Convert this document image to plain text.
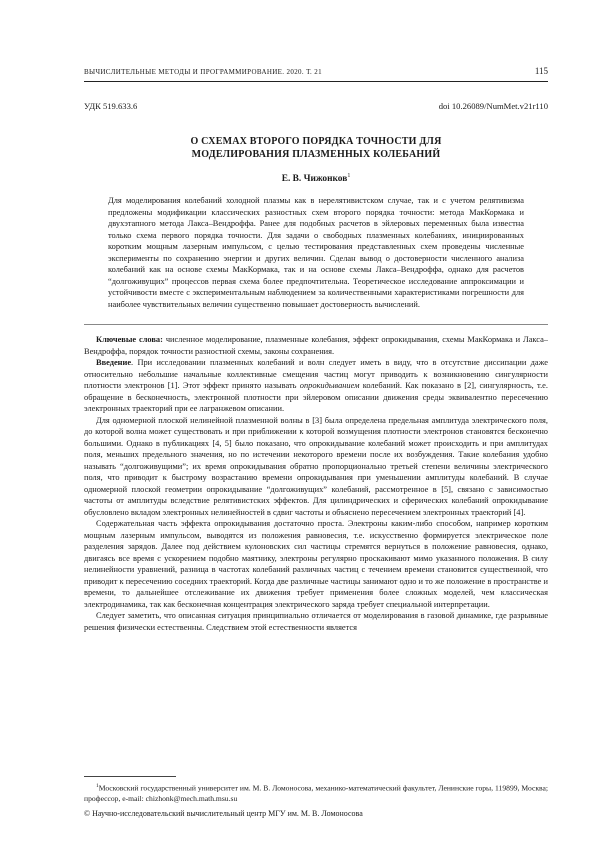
ВЫЧИСЛИТЕЛЬНЫЕ МЕТОДЫ И ПРОГРАММИРОВАНИЕ. 2020. Т. 21	115
УДК 519.633.6	doi 10.26089/NumMet.v21r110
О СХЕМАХ ВТОРОГО ПОРЯДКА ТОЧНОСТИ ДЛЯ
МОДЕЛИРОВАНИЯ ПЛАЗМЕННЫХ КОЛЕБАНИЙ
Е. В. Чижонков$^1$
Для моделирования колебаний холодной плазмы как в нерелятивистском случае, так и с учетом релятивизма предложены модификации классических разностных схем второго порядка точности: метода МакКормака и двухэтапного метода Лакса–Вендроффа. Ранее для подобных расчетов в эйлеровых переменных была известна только схема первого порядка точности. Для задачи о свободных плазменных колебаниях, инициированных коротким мощным лазерным импульсом, с целью тестирования представленных схем проведены численные эксперименты по сохранению энергии и других величин. Сделан вывод о достоверности численного анализа колебаний как на основе схемы МакКормака, так и на основе схемы Лакса–Вендроффа, однако для расчетов “долгоживущих” процессов первая схема более предпочтительна. Теоретическое исследование аппроксимации и устойчивости вместе с экспериментальным наблюдением за количественными характеристиками погрешности для наиболее чувствительных величин существенно повышает достоверность вычислений.

Ключевые слова: численное моделирование, плазменные колебания, эффект опрокидывания, схемы МакКормака и Лакса–Вендроффа, порядок точности разностной схемы, законы сохранения.

Введение. При исследовании плазменных колебаний и волн следует иметь в виду, что в отсутствие диссипации даже относительно небольшие начальные коллективные смещения частиц могут приводить к возникновению сингулярности плотности электронов [1]. Этот эффект принято называть опрокидыванием колебаний. Как показано в [2], сингулярность, т.е. обращение в бесконечность, электронной плотности при эйлеровом описании движения среды эквивалентно пересечению электронных траекторий при ее лагранжевом описании.

Для одномерной плоской нелинейной плазменной волны в [3] была определена предельная амплитуда электрического поля, до которой волна может существовать и при приближении к которой возмущения плотности электронов становятся бесконечно большими. Однако в публикациях [4, 5] было показано, что опрокидывание колебаний может происходить и при амплитудах поля, меньших предельного значения, но по истечении некоторого времени после их возбуждения. Такие колебания удобно называть “долгоживущими”; их время опрокидывания обратно пропорционально третьей степени величины электрического поля, что приводит к быстрому возрастанию времени опрокидывания при уменьшении амплитуды колебаний. В случае одномерной плоской геометрии опрокидывание “долгоживущих” колебаний, рассмотренное в [5], связано с зависимостью частоты от амплитуды вследствие релятивистских эффектов. Для цилиндрических и сферических колебаний опрокидывание обусловлено вкладом электронных нелинейностей в сдвиг частоты и объяснено пересечением электронных траекторий [4].

Содержательная часть эффекта опрокидывания достаточно проста. Электроны каким-либо способом, например коротким мощным лазерным импульсом, выводятся из положения равновесия, т.е. искусственно формируется электрическое поле разделения зарядов. Далее под действием кулоновских сил частицы стремятся вернуться в положение равновесия, однако, двигаясь все время с ускорением подобно маятнику, электроны регулярно проскакивают мимо указанного положения. В силу нелинейности уравнений, разница в частотах колебаний различных частиц с течением времени становится существенной, что приводит к пересечению соседних траекторий. Когда две различные частицы занимают одно и то же положение в пространстве и времени, то дальнейшее отслеживание их движения требует применения более сложных моделей, чем классическая электродинамика, так как бесконечная концентрация электрического заряда требует специальной интерпретации.

Следует заметить, что описанная ситуация принципиально отличается от моделирования в газовой динамике, где разрывные решения физически естественны. Следствием этой естественности является

$^1$Московский государственный университет им. М. В. Ломоносова, механико-математический факультет, Ленинские горы, 119899, Москва; профессор, e-mail: chizhonk@mech.math.msu.su
© Научно-исследовательский вычислительный центр МГУ им. М. В. Ломоносова
